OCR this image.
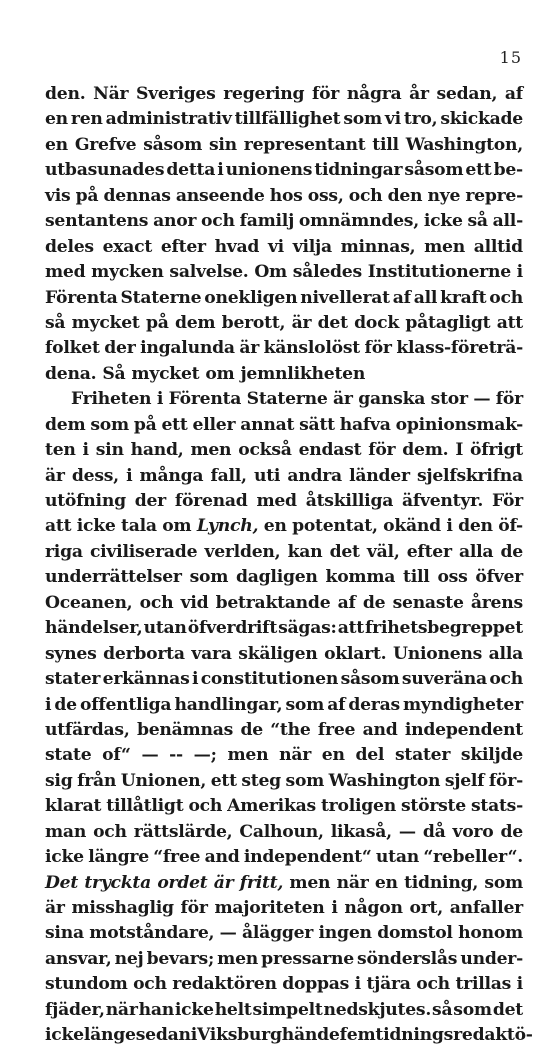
15
den. När Sveriges regering för några år sedan, af
en ren administrativ tillfällighet som vi tro, skickade
en Grefve såsom sin representant till Washington,
utbasunades detta i unionens tidningar såsom ett be-
vis på dennas anseende hos oss, och den nye repre-
sentantens anor och familj omnämndes, icke så all-
deles exact efter hvad vi vilja minnas, men alltid
med mycken salvelse. Om således Institutionerne i
Förenta Staterne onekligen nivellerat af all kraft och
så mycket på dem berott, är det dock påtagligt att
folket der ingalunda är känslolöst för klass-företrä-
dena. Så mycket om jemnlikheten
Friheten i Förenta Staterne är ganska stor — för
dem som på ett eller annat sätt hafva opinionsmak-
ten i sin hand, men också endast för dem. I öfrigt
är dess, i många fall, uti andra länder sjelfskrifna
utöfning der förenad med åtskilliga äfventyr. För
att icke tala om Lynch, en potentat, okänd i den öf-
riga civiliserade verlden, kan det väl, efter alla de
underrättelser som dagligen komma till oss öfver
Oceanen, och vid betraktande af de senaste årens
händelser, utan öfverdrift sägas: att frihetsbegreppet
synes derborta vara skäligen oklart. Unionens alla
stater erkännas i constitutionen såsom suveräna och
i de offentliga handlingar, som af deras myndigheter
utfärdas, benämnas de “the free and independent
state of“ — -- —; men när en del stater skiljde
sig från Unionen, ett steg som Washington sjelf för-
klarat tillåtligt och Amerikas troligen störste stats-
man och rättslärde, Calhoun, likaså, — då voro de
icke längre “free and independent“ utan “rebeller“.
Det tryckta ordet är fritt, men när en tidning, som
är misshaglig för majoriteten i någon ort, anfaller
sina motståndare, — ålägger ingen domstol honom
ansvar, nej bevars; men pressarne sönderslås under-
stundom och redaktören doppas i tjära och trillas i
fjäder, när han icke helt simpelt nedskjutes. så som det
icke längesedan i Viksburg hände fem tidningsredaktö-
